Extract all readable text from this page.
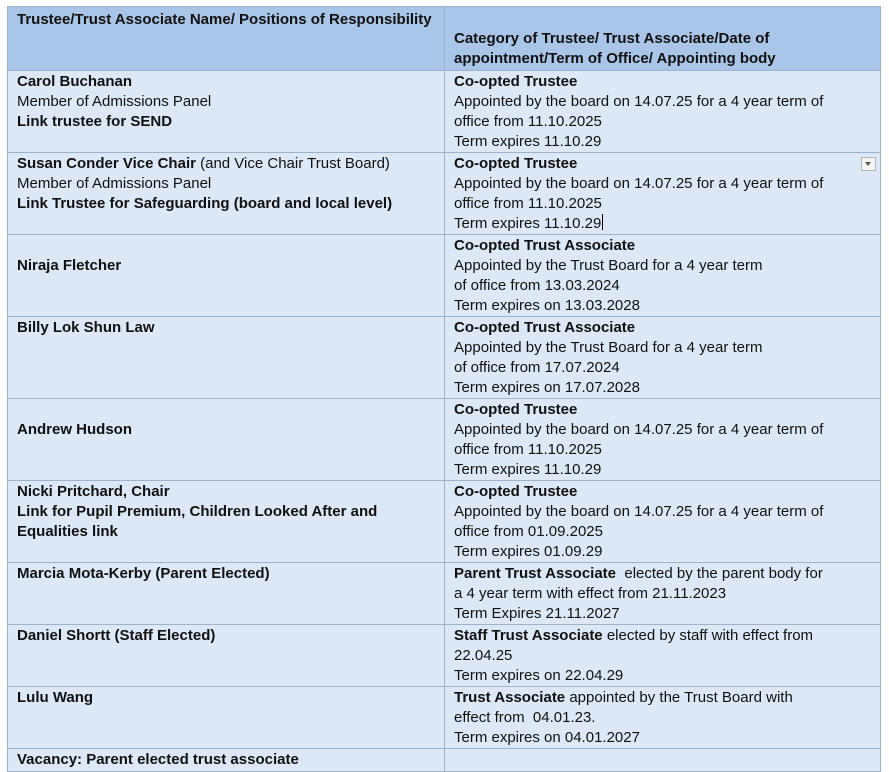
Trustee/Trust Associate Name/ Positions of Responsibility	Category of Trustee/ Trust Associate/Date of appointment/Term of Office/ Appointing body

Carol Buchanan
Member of Admissions Panel
Link trustee for SEND	Co-opted Trustee
Appointed by the board on 14.07.25 for a 4 year term of
office from 11.10.2025
Term expires 11.10.29

Susan Conder Vice Chair (and Vice Chair Trust Board)
Member of Admissions Panel
Link Trustee for Safeguarding (board and local level)	Co-opted Trustee
Appointed by the board on 14.07.25 for a 4 year term of
office from 11.10.2025
Term expires 11.10.29

Niraja Fletcher	Co-opted Trust Associate
Appointed by the Trust Board for a 4 year term
of office from 13.03.2024
Term expires on 13.03.2028

Billy Lok Shun Law	Co-opted Trust Associate
Appointed by the Trust Board for a 4 year term
of office from 17.07.2024
Term expires on 17.07.2028

Andrew Hudson	Co-opted Trustee
Appointed by the board on 14.07.25 for a 4 year term of
office from 11.10.2025
Term expires 11.10.29

Nicki Pritchard, Chair
Link for Pupil Premium, Children Looked After and
Equalities link	Co-opted Trustee
Appointed by the board on 14.07.25 for a 4 year term of
office from 01.09.2025
Term expires 01.09.29

Marcia Mota-Kerby (Parent Elected)	Parent Trust Associate  elected by the parent body for
a 4 year term with effect from 21.11.2023
Term Expires 21.11.2027

Daniel Shortt (Staff Elected)	Staff Trust Associate elected by staff with effect from
22.04.25
Term expires on 22.04.29

Lulu Wang	Trust Associate appointed by the Trust Board with
effect from  04.01.23.
Term expires on 04.01.2027

Vacancy: Parent elected trust associate	
